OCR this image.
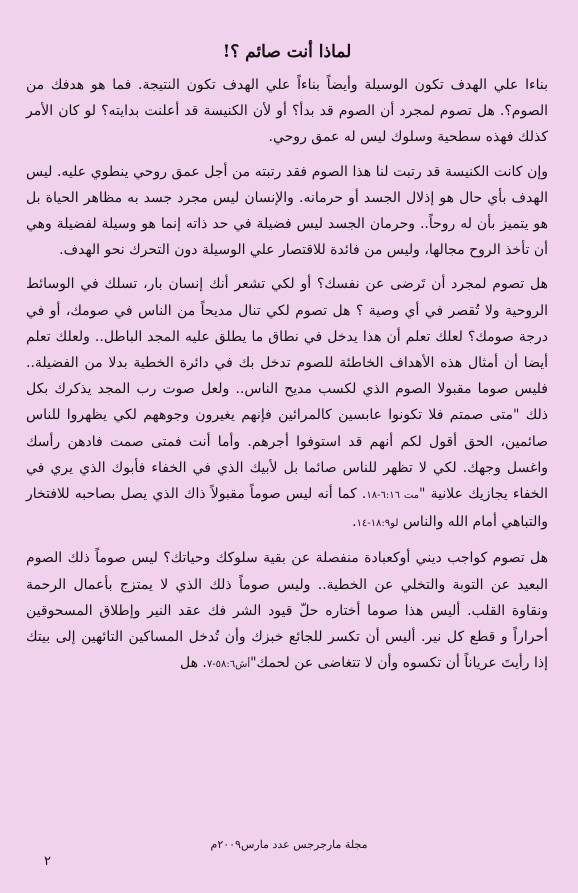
لماذا أنت صائم ؟!

بناءا علي الهدف تكون الوسيلة وأيضاً بناءاً علي الهدف تكون النتيجة. فما هو هدفك من الصوم؟. هل تصوم لمجرد أن الصوم قد بدأ؟ أو لأن الكنيسة قد أعلنت بدايته؟ لو كان الأمر كذلك فهذه سطحية وسلوك ليس له عمق روحي.

وإن كانت الكنيسة قد رتبت لنا هذا الصوم فقد رتبته من أجل عمق روحي ينطوي عليه. ليس الهدف بأي حال هو إذلال الجسد أو حرمانه. والإنسان ليس مجرد جسد به مظاهر الحياة بل هو يتميز بأن له روحاً.. وحرمان الجسد ليس فضيلة في حد ذاته إنما هو وسيلة لفضيلة وهي أن تأخذ الروح مجالها، وليس من فائدة للاقتصار علي الوسيلة دون التحرك نحو الهدف.

هل تصوم لمجرد أن تَرضى عن نفسك؟ أو لكي تشعر أنك إنسان بار، تسلك في الوسائط الروحية ولا تُقصر في أي وصية ؟ هل تصوم لكي تنال مديحاً من الناس في صومك، أو في درجة صومك؟ لعلك تعلم أن هذا يدخل في نطاق ما يطلق عليه المجد الباطل.. ولعلك تعلم أيضا أن أمثال هذه الأهداف الخاطئة للصوم تدخل بك في دائرة الخطية بدلا من الفضيلة.. فليس صوما مقبولا الصوم الذي لكسب مديح الناس.. ولعل صوت رب المجد يذكرك بكل ذلك "متى صمتم فلا تكونوا عابسين كالمرائين فإنهم يغيرون وجوههم لكي يظهروا للناس صائمين، الحق أقول لكم أنهم قد استوفوا أجرهم. وأما أنت فمتى صمت فادهن رأسك واغسل وجهك. لكي لا تظهر للناس صائما بل لأبيك الذي في الخفاء فأبوك الذي يري في الخفاء يجازيك علانية "مت ٦:١٦-١٨. كما أنه ليس صوماً مقبولاً ذاك الذي يصل بصاحبه للافتخار والتباهي أمام الله والناس لو١٨:٩-١٤.

هل تصوم كواجب ديني أوكعبادة منفصلة عن بقية سلوكك وحياتك؟ ليس صوماً ذلك الصوم البعيد عن التوبة والتخلي عن الخطية.. وليس صوماً ذلك الذي لا يمتزج بأعمال الرحمة ونقاوة القلب. أليس هذا صوما أختاره حلّ قيود الشر فك عقد النير وإطلاق المسحوقين أحراراً و قطع كل نير. أليس أن تكسر للجائع خبزك وأن تُدخل المساكين التائهين إلى بيتك إذا رأيتَ عرياناً أن تكسوه وأن لا تتغاضى عن لحمك"أش٥٨:٦-٧. هل

مجلة مارجرجس عدد مارس٢٠٠٩م
٢
